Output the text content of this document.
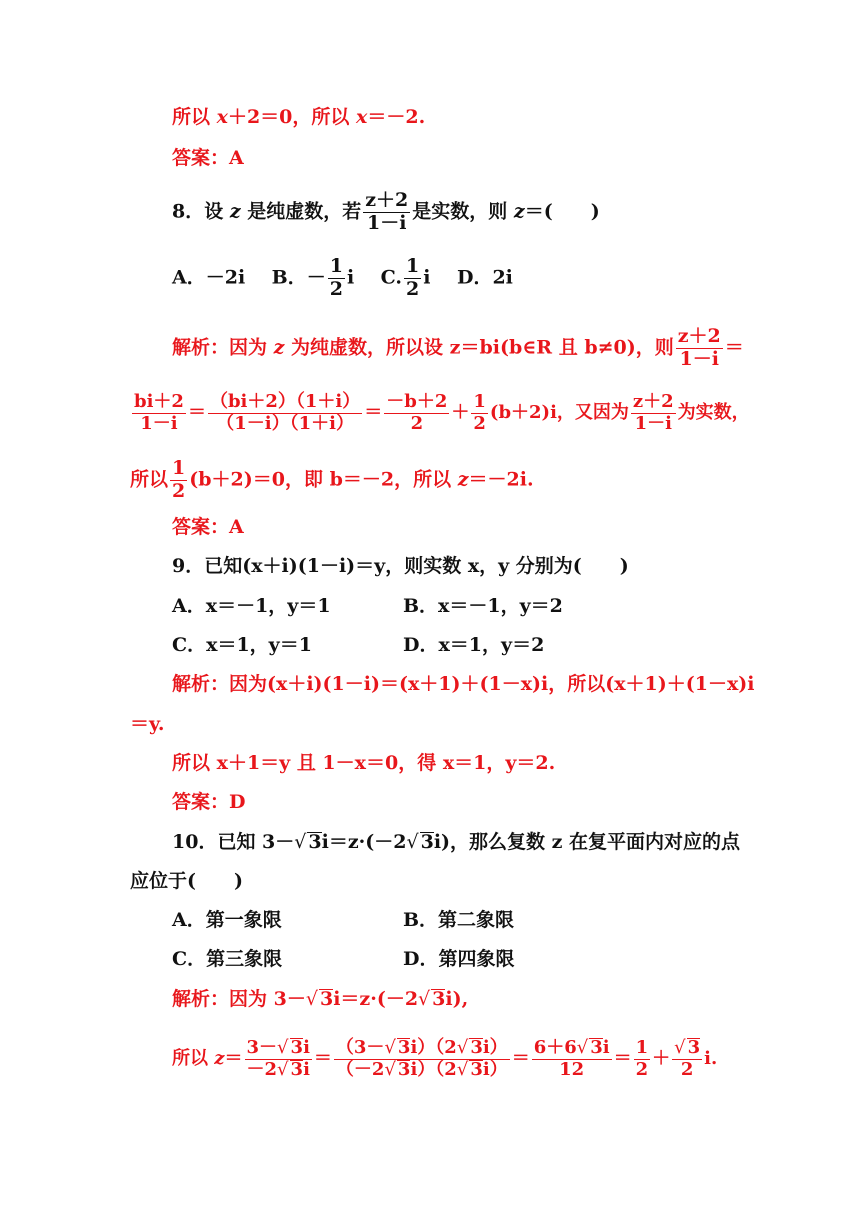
所以 x＋2＝0，所以 x＝－2.
答案：A
8．设 z 是纯虚数，若 $\frac{z+2}{1-i}$ 是实数，则 z＝(　　)
A．－2i B．－ $\frac{1}{2}$ i C. $\frac{1}{2}$ i D．2i
解析：因为 z 为纯虚数，所以设 z＝bi(b∈R 且 b≠0)，则 $\frac{z+2}{1-i}$ ＝
$\frac{bi+2}{1-i} = \frac{(bi+2)(1+i)}{(1-i)(1+i)} = \frac{-b+2}{2} + \frac{1}{2} (b+2)i$，又因为 $\frac{z+2}{1-i}$ 为实数，
所以 $\frac{1}{2} (b+2)=0$，即 b＝－2，所以 z＝－2i.
答案：A
9．已知(x＋i)(1－i)＝y，则实数 x，y 分别为(　　)
A．x＝－1，y＝1	B．x＝－1，y＝2
C．x＝1，y＝1	D．x＝1，y＝2
解析：因为(x＋i)(1－i)＝(x＋1)＋(1－x)i，所以(x＋1)＋(1－x)i
＝y.
所以 x＋1＝y 且 1－x＝0，得 x＝1，y＝2.
答案：D
10．已知 3－√ 3i＝z·(－2√ 3i)，那么复数 z 在复平面内对应的点
应位于(　　)
A．第一象限	B．第二象限
C．第三象限	D．第四象限
解析：因为 3－√ 3i＝z·(－2√ 3i),
所以 $z= \frac{3-√ 3i}{-2√ 3i} = \frac{(3-√ 3i)(2√ 3i)}{(-2√ 3i)(2√ 3i)} = \frac{6+6√ 3i}{12} = \frac{1}{2} + \frac{√ 3}{2} i$.
